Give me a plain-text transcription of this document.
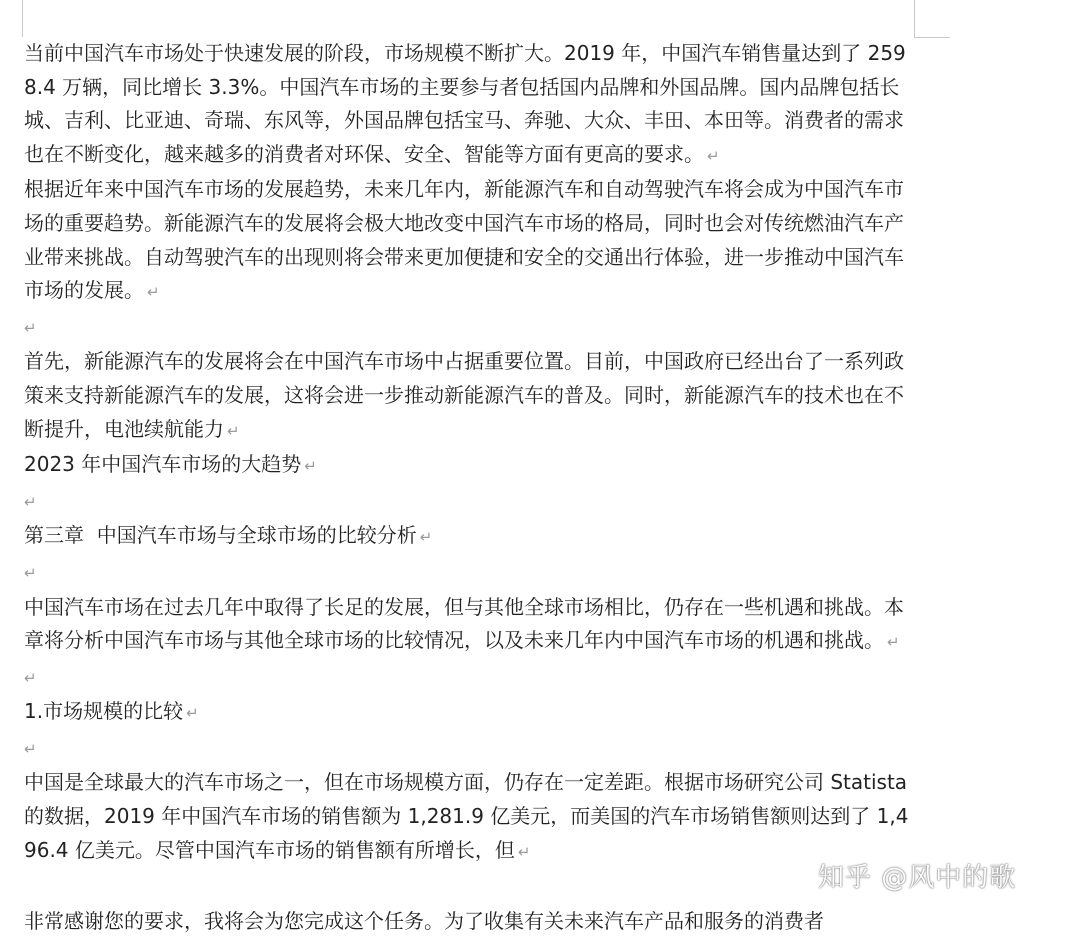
当前中国汽车市场处于快速发展的阶段，市场规模不断扩大。2019 年，中国汽车销售量达到了 2598.4 万辆，同比增长 3.3%。中国汽车市场的主要参与者包括国内品牌和外国品牌。国内品牌包括长城、吉利、比亚迪、奇瑞、东风等，外国品牌包括宝马、奔驰、大众、丰田、本田等。消费者的需求也在不断变化，越来越多的消费者对环保、安全、智能等方面有更高的要求。 ↵

根据近年来中国汽车市场的发展趋势，未来几年内，新能源汽车和自动驾驶汽车将会成为中国汽车市场的重要趋势。新能源汽车的发展将会极大地改变中国汽车市场的格局，同时也会对传统燃油汽车产业带来挑战。自动驾驶汽车的出现则将会带来更加便捷和安全的交通出行体验，进一步推动中国汽车市场的发展。 ↵

↵

首先，新能源汽车的发展将会在中国汽车市场中占据重要位置。目前，中国政府已经出台了一系列政策来支持新能源汽车的发展，这将会进一步推动新能源汽车的普及。同时，新能源汽车的技术也在不断提升，电池续航能力 ↵

2023 年中国汽车市场的大趋势 ↵

↵

第三章  中国汽车市场与全球市场的比较分析 ↵

↵

中国汽车市场在过去几年中取得了长足的发展，但与其他全球市场相比，仍存在一些机遇和挑战。本章将分析中国汽车市场与其他全球市场的比较情况，以及未来几年内中国汽车市场的机遇和挑战。 ↵

↵

1.市场规模的比较 ↵

↵

中国是全球最大的汽车市场之一，但在市场规模方面，仍存在一定差距。根据市场研究公司 Statista 的数据，2019 年中国汽车市场的销售额为 1,281.9 亿美元，而美国的汽车市场销售额则达到了 1,496.4 亿美元。尽管中国汽车市场的销售额有所增长，但 ↵

非常感谢您的要求，我将会为您完成这个任务。为了收集有关未来汽车产品和服务的消费者
知乎 @风中的歌
